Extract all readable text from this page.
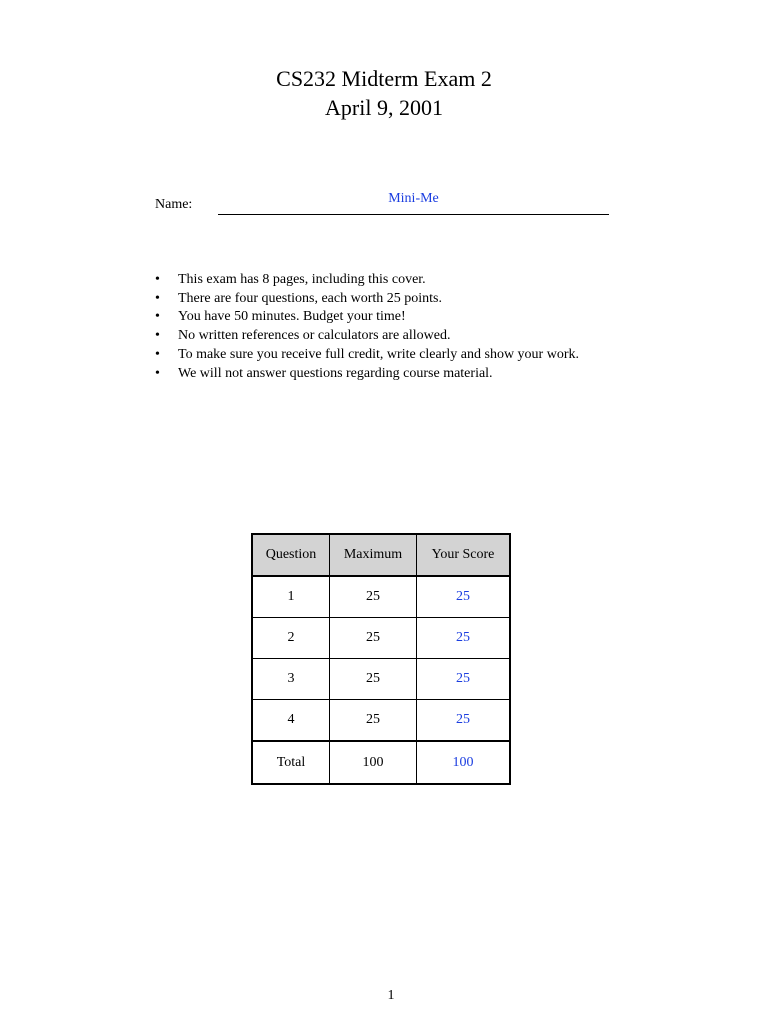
CS232 Midterm Exam 2
April 9, 2001
Name:	Mini-Me
• This exam has 8 pages, including this cover.
• There are four questions, each worth 25 points.
• You have 50 minutes. Budget your time!
• No written references or calculators are allowed.
• To make sure you receive full credit, write clearly and show your work.
• We will not answer questions regarding course material.
Question	Maximum	Your Score
1	25	25
2	25	25
3	25	25
4	25	25
Total	100	100
1
